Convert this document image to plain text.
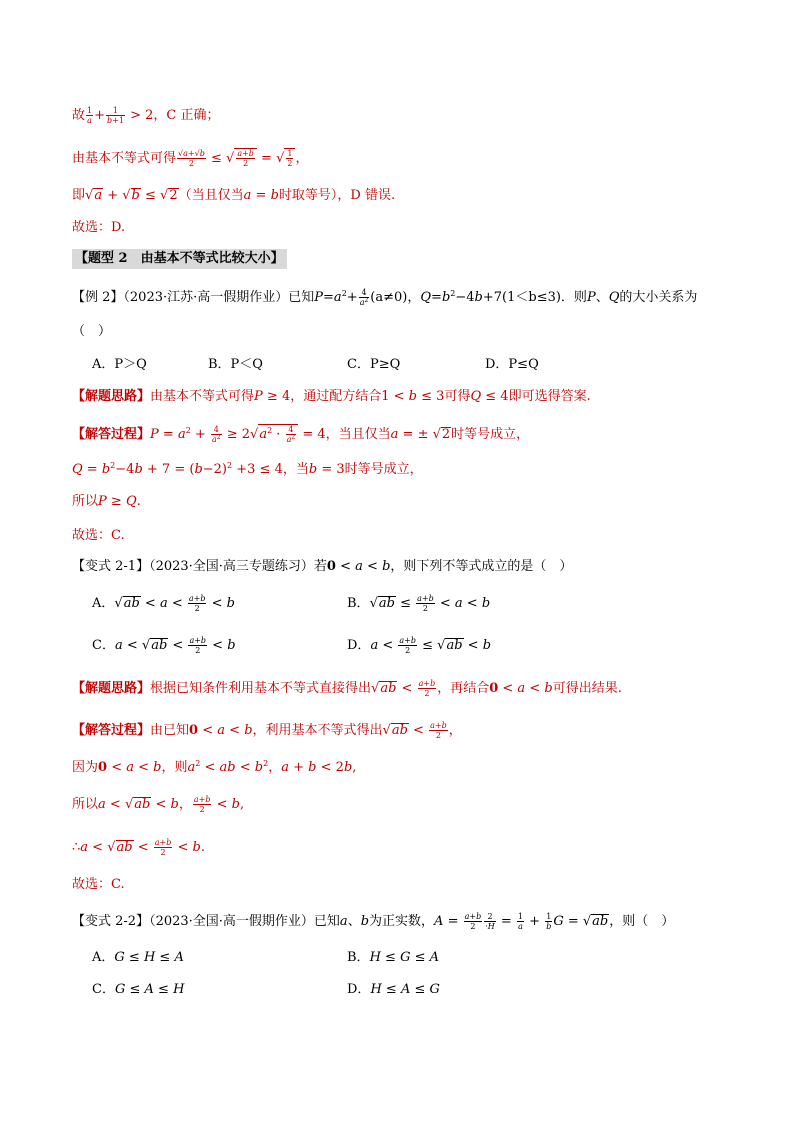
故 $\frac{1}{a} + \frac{1}{b+1} > 2$，C 正确；
由基本不等式可得 $\frac{√a+√b}{2}$ ≤ √ $\frac{a+b}{2}$ = √ $\frac{1}{2}$ ，
即√a + √b ≤ √2（当且仅当a = b时取等号），D 错误.
故选：D.
【题型 2　由基本不等式比较大小】
【例 2】（2023·江苏·高一假期作业）已知$P=a^2+ \frac{4}{a^2} (a\ne 0)$，$Q=b^2-4b+7(1<b\le 3)$．则P、Q的大小关系为
（　）
A．P＞Q	B．P＜Q	C．P≥Q	D．P≤Q
【解题思路】由基本不等式可得P ≥ 4，通过配方结合1 < b ≤ 3可得Q ≤ 4即可选得答案.
【解答过程】$P = a^2 + \frac{4}{a^2} \ge 2√a^2 \cdot \frac{4}{a^2} = 4$，当且仅当a = ± √2时等号成立，
$Q = b^2-4b + 7 = (b-2)^2 +3 \le 4$，当b = 3时等号成立，
所以P ≥ Q.
故选：C.
【变式 2-1】（2023·全国·高三专题练习）若0 < a < b，则下列不等式成立的是（　）
A．$√ab < a < \frac{a+b}{2} < b$	B．$√ab \le \frac{a+b}{2} < a < b$
C．$a < √ab < \frac{a+b}{2} < b$	D．$a < \frac{a+b}{2} \le √ab < b$
【解题思路】根据已知条件利用基本不等式直接得出$√ab < \frac{a+b}{2}$ ，再结合0 < a < b可得出结果.
【解答过程】由已知0 < a < b，利用基本不等式得出$√ab < \frac{a+b}{2}$ ，
因为0 < a < b，则$a^2$ < ab < $b^2$，a + b < 2b,
所以a < √ab < b， $\frac{a+b}{2} < b$,
∴a < $√ab < \frac{a+b}{2} < b$.
故选：C.
【变式 2-2】（2023·全国·高一假期作业）已知a、b为正实数，$A = \frac{a+b}{2} \frac{2}{\cdot H} = \frac{1}{a} + \frac{1}{b}$ G = √ab，则（　）
A．G ≤ H ≤ A	B．H ≤ G ≤ A
C．G ≤ A ≤ H	D．H ≤ A ≤ G
